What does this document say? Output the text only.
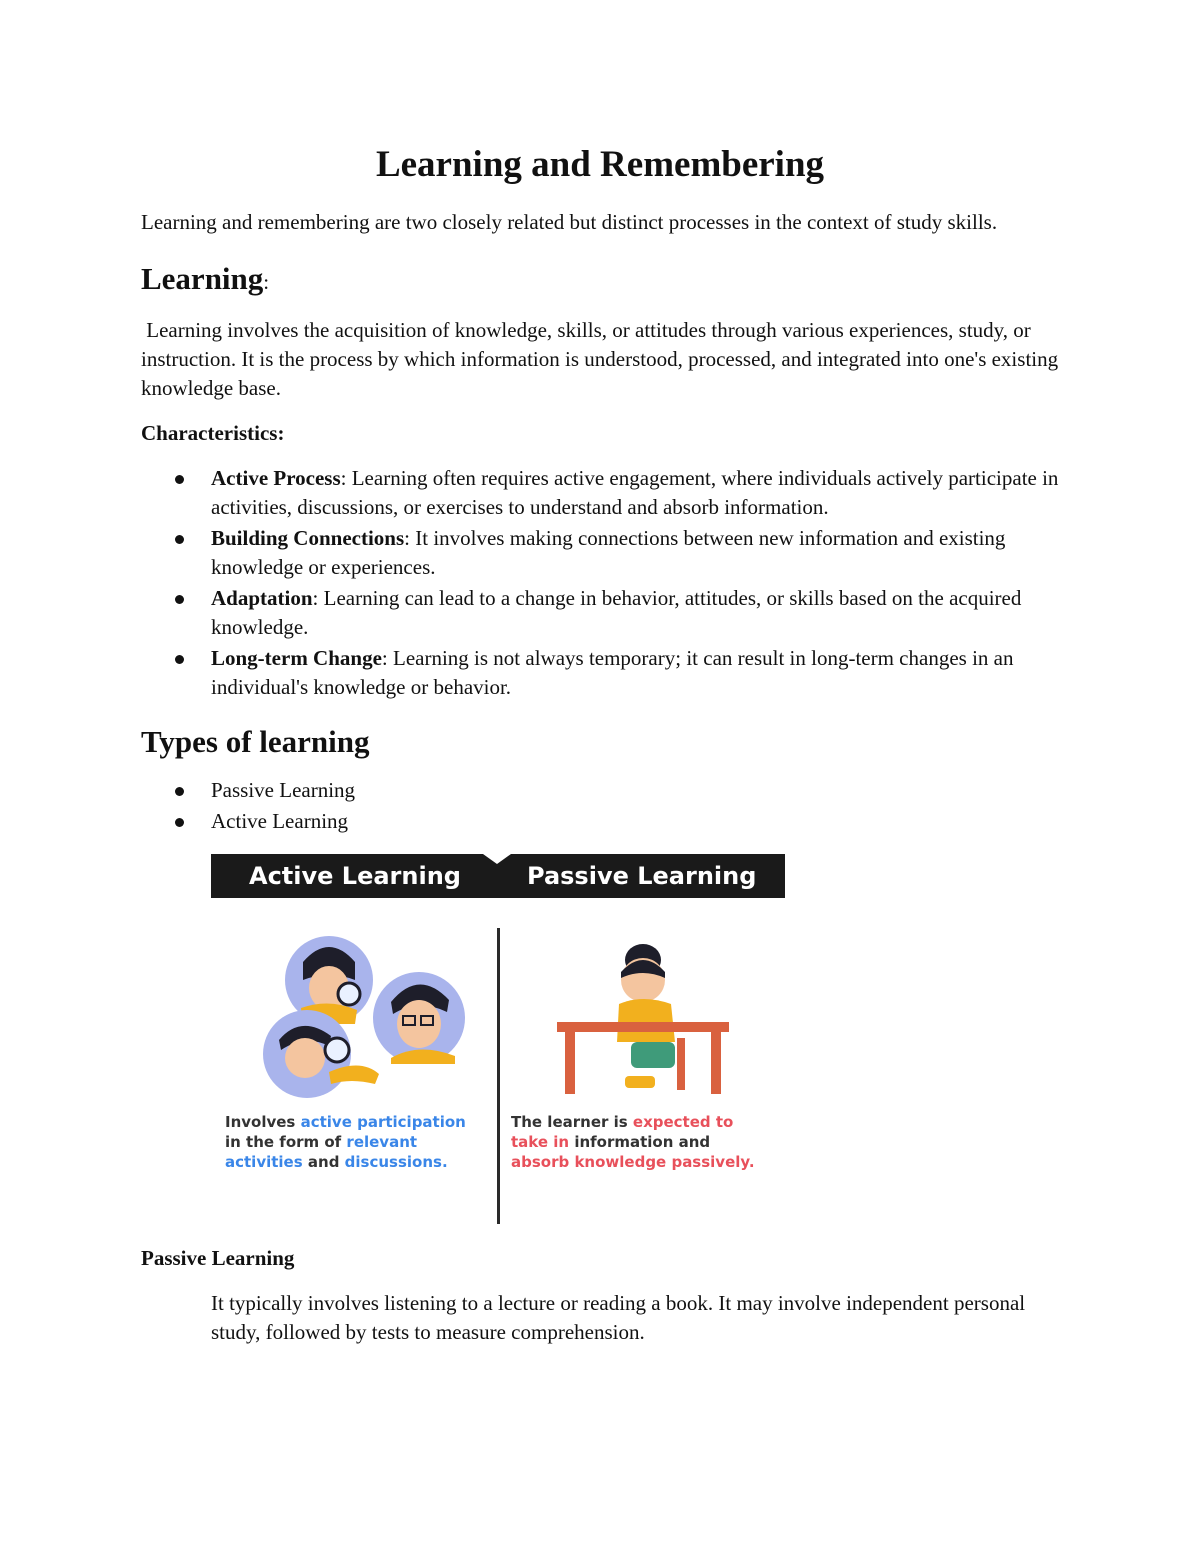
Learning and Remembering

Learning and remembering are two closely related but distinct processes in the context of study skills.

Learning:

Learning involves the acquisition of knowledge, skills, or attitudes through various experiences, study, or instruction. It is the process by which information is understood, processed, and integrated into one's existing knowledge base.

Characteristics:

Active Process: Learning often requires active engagement, where individuals actively participate in activities, discussions, or exercises to understand and absorb information.
Building Connections: It involves making connections between new information and existing knowledge or experiences.
Adaptation: Learning can lead to a change in behavior, attitudes, or skills based on the acquired knowledge.
Long-term Change: Learning is not always temporary; it can result in long-term changes in an individual's knowledge or behavior.
Types of learning
Passive Learning
Active Learning
Active Learning	Passive Learning
Involves active participation
in the form of relevant
activities and discussions.
The learner is expected to
take in information and
absorb knowledge passively.

Passive Learning

It typically involves listening to a lecture or reading a book. It may involve independent personal study, followed by tests to measure comprehension.
